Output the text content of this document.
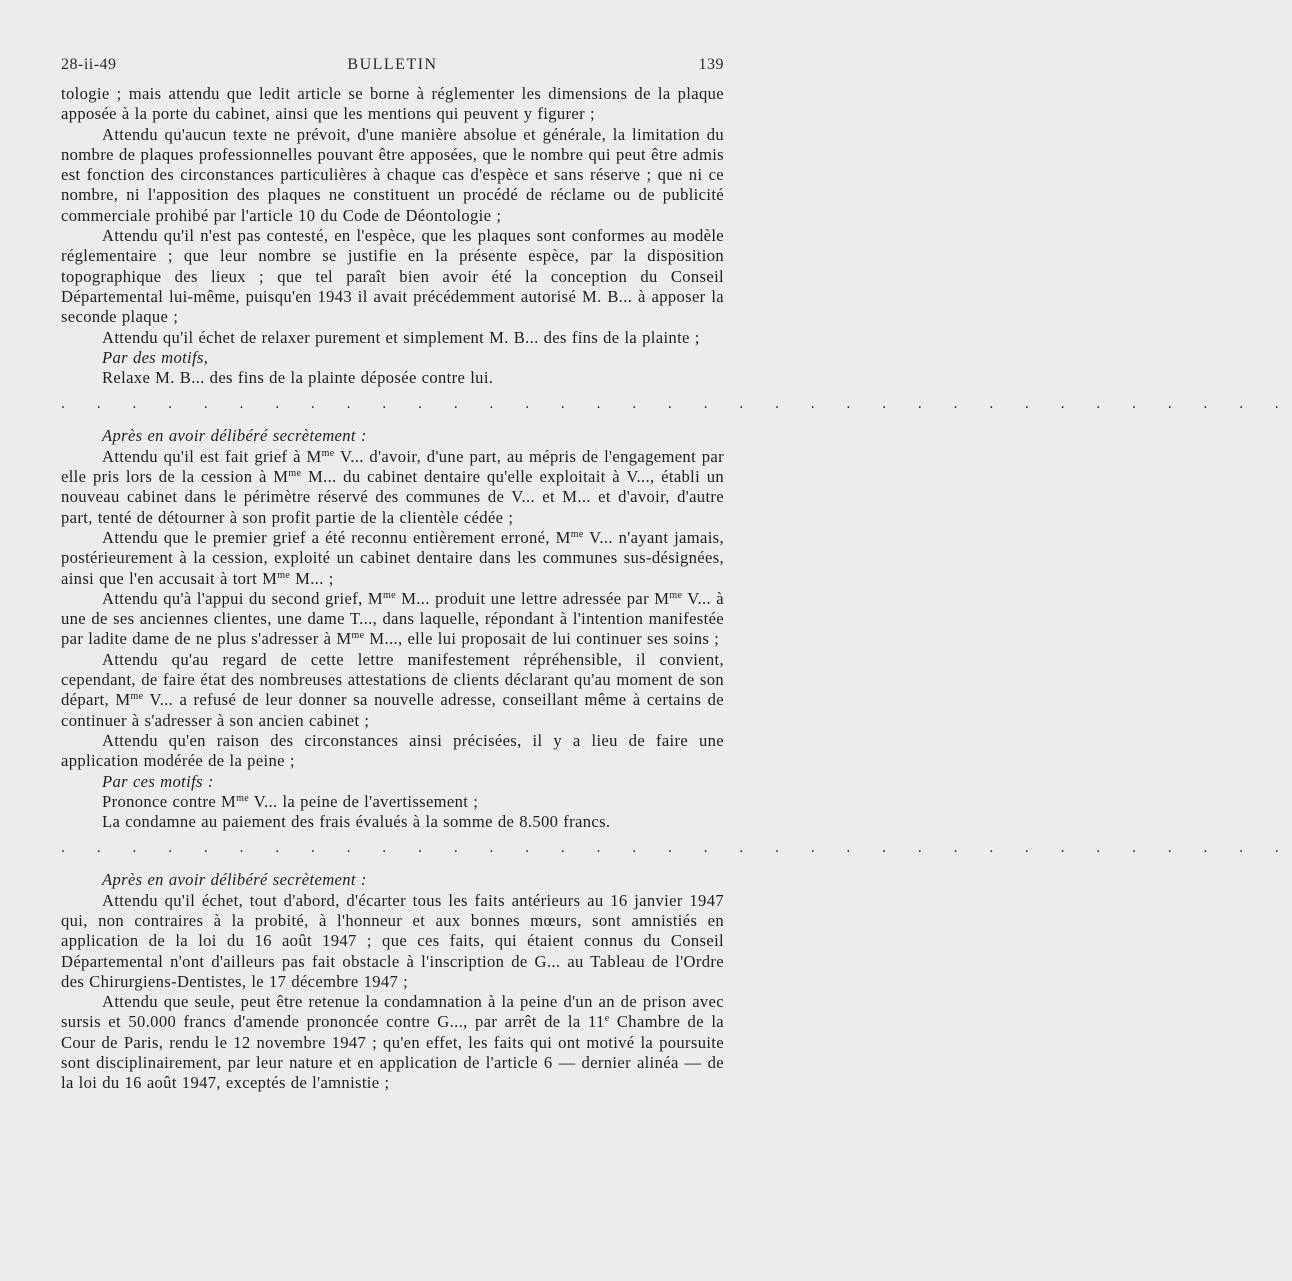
28-ii-49	BULLETIN	139

tologie ; mais attendu que ledit article se borne à réglementer les dimensions de la plaque apposée à la porte du cabinet, ainsi que les mentions qui peuvent y figurer ;

Attendu qu'aucun texte ne prévoit, d'une manière absolue et générale, la limitation du nombre de plaques professionnelles pouvant être apposées, que le nombre qui peut être admis est fonction des circonstances particulières à chaque cas d'espèce et sans réserve ; que ni ce nombre, ni l'apposition des plaques ne constituent un procédé de réclame ou de publicité commerciale prohibé par l'article 10 du Code de Déontologie ;

Attendu qu'il n'est pas contesté, en l'espèce, que les plaques sont conformes au modèle réglementaire ; que leur nombre se justifie en la présente espèce, par la disposition topographique des lieux ; que tel paraît bien avoir été la conception du Conseil Départemental lui-même, puisqu'en 1943 il avait précédemment autorisé M. B... à apposer la seconde plaque ;

Attendu qu'il échet de relaxer purement et simplement M. B... des fins de la plainte ;

Par des motifs,

Relaxe M. B... des fins de la plainte déposée contre lui.

. . . . . . . . . . . . . . . . . . . . . . . . . . . . . . . . . . .

Après en avoir délibéré secrètement :

Attendu qu'il est fait grief à $M^{me}$ V... d'avoir, d'une part, au mépris de l'engagement par elle pris lors de la cession à $M^{me}$ M... du cabinet dentaire qu'elle exploitait à V..., établi un nouveau cabinet dans le périmètre réservé des communes de V... et M... et d'avoir, d'autre part, tenté de détourner à son profit partie de la clientèle cédée ;

Attendu que le premier grief a été reconnu entièrement erroné, $M^{me}$ V... n'ayant jamais, postérieurement à la cession, exploité un cabinet dentaire dans les communes sus-désignées, ainsi que l'en accusait à tort $M^{me}$ M... ;

Attendu qu'à l'appui du second grief, $M^{me}$ M... produit une lettre adressée par $M^{me}$ V... à une de ses anciennes clientes, une dame T..., dans laquelle, répondant à l'intention manifestée par ladite dame de ne plus s'adresser à $M^{me}$ M..., elle lui proposait de lui continuer ses soins ;

Attendu qu'au regard de cette lettre manifestement répréhensible, il convient, cependant, de faire état des nombreuses attestations de clients déclarant qu'au moment de son départ, $M^{me}$ V... a refusé de leur donner sa nouvelle adresse, conseillant même à certains de continuer à s'adresser à son ancien cabinet ;

Attendu qu'en raison des circonstances ainsi précisées, il y a lieu de faire une application modérée de la peine ;

Par ces motifs :

Prononce contre $M^{me}$ V... la peine de l'avertissement ;

La condamne au paiement des frais évalués à la somme de 8.500 francs.

. . . . . . . . . . . . . . . . . . . . . . . . . . . . . . . . . . .

Après en avoir délibéré secrètement :

Attendu qu'il échet, tout d'abord, d'écarter tous les faits antérieurs au 16 janvier 1947 qui, non contraires à la probité, à l'honneur et aux bonnes mœurs, sont amnistiés en application de la loi du 16 août 1947 ; que ces faits, qui étaient connus du Conseil Départemental n'ont d'ailleurs pas fait obstacle à l'inscription de G... au Tableau de l'Ordre des Chirurgiens-Dentistes, le 17 décembre 1947 ;

Attendu que seule, peut être retenue la condamnation à la peine d'un an de prison avec sursis et 50.000 francs d'amende prononcée contre G..., par arrêt de la 11e Chambre de la Cour de Paris, rendu le 12 novembre 1947 ; qu'en effet, les faits qui ont motivé la poursuite sont disciplinairement, par leur nature et en application de l'article 6 — dernier alinéa — de la loi du 16 août 1947, exceptés de l'amnistie ;
